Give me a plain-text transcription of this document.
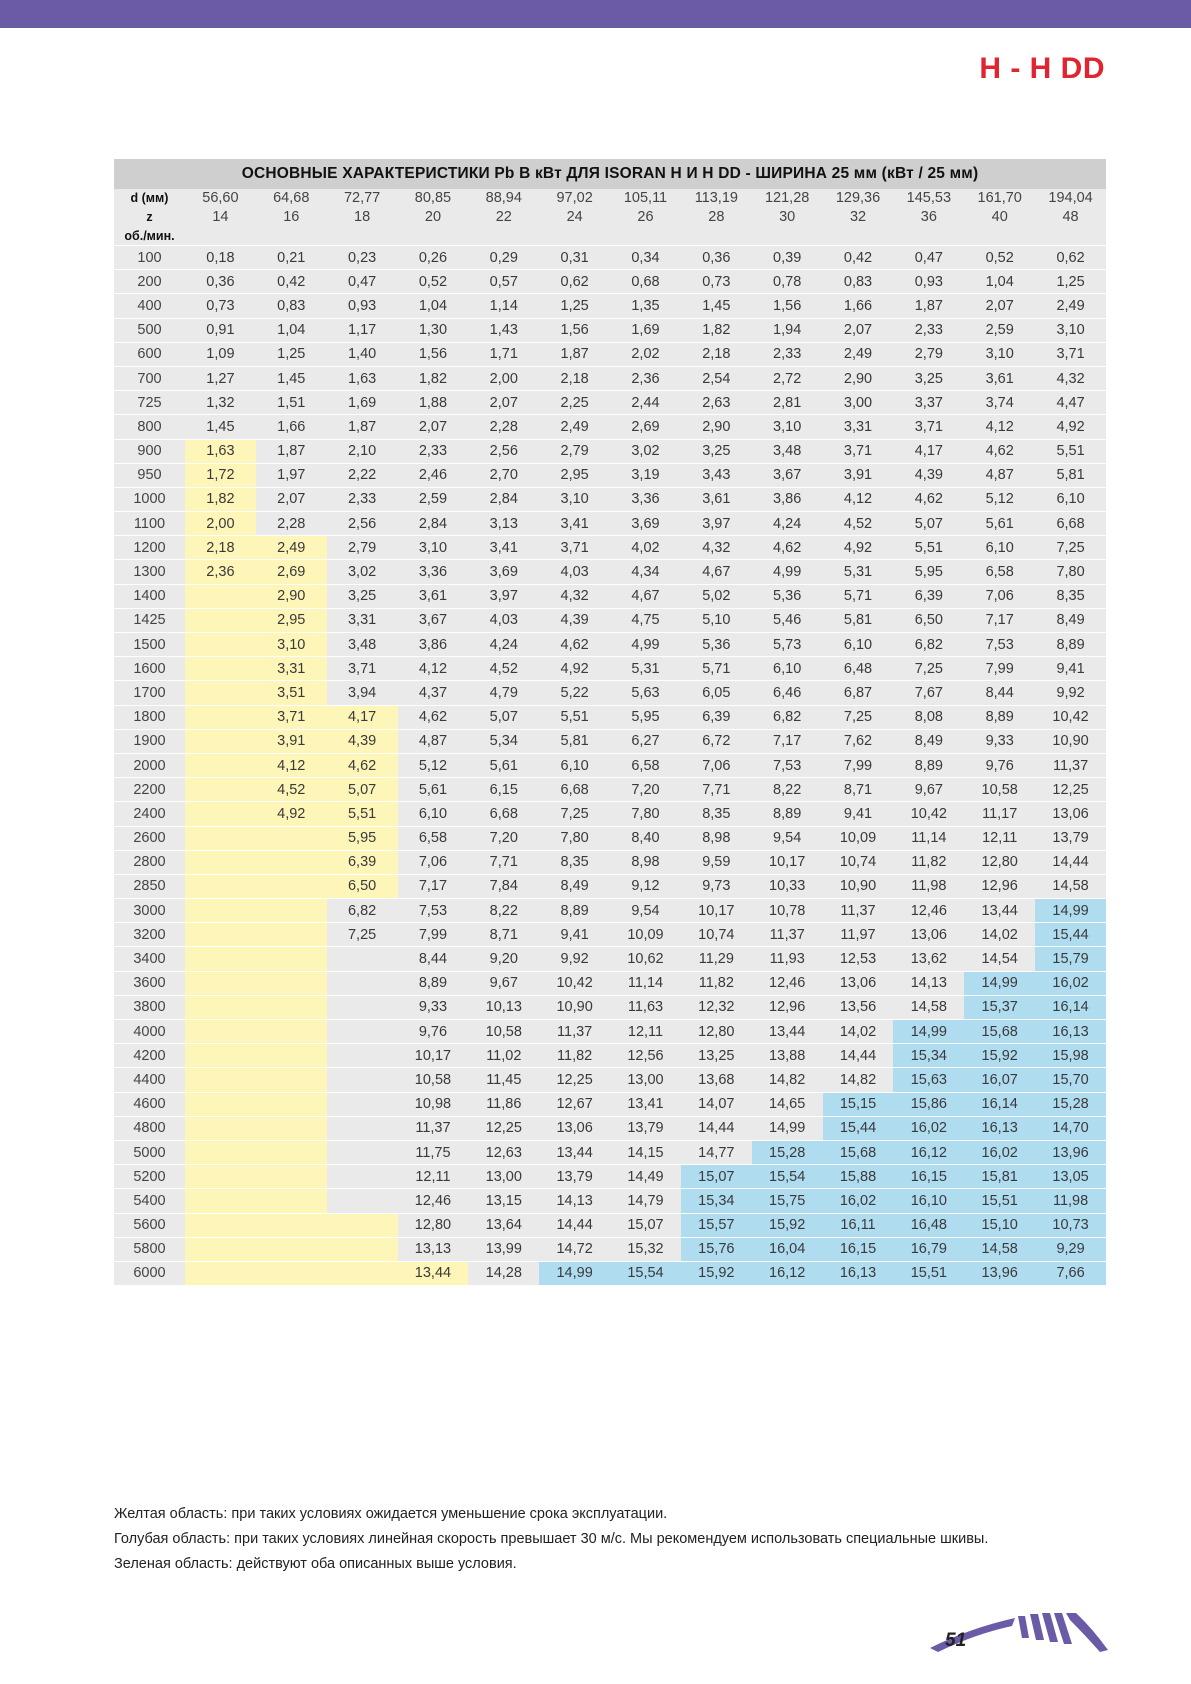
H - H DD
ОСНОВНЫЕ ХАРАКТЕРИСТИКИ Pb В кВт ДЛЯ ISORAN H И H DD - ШИРИНА 25 мм (кВт / 25 мм)													
d (мм)	56,60	64,68	72,77	80,85	88,94	97,02	105,11	113,19	121,28	129,36	145,53	161,70	194,04
z	14	16	18	20	22	24	26	28	30	32	36	40	48
об./мин.													

100	0,18	0,21	0,23	0,26	0,29	0,31	0,34	0,36	0,39	0,42	0,47	0,52	0,62

200	0,36	0,42	0,47	0,52	0,57	0,62	0,68	0,73	0,78	0,83	0,93	1,04	1,25

400	0,73	0,83	0,93	1,04	1,14	1,25	1,35	1,45	1,56	1,66	1,87	2,07	2,49

500	0,91	1,04	1,17	1,30	1,43	1,56	1,69	1,82	1,94	2,07	2,33	2,59	3,10

600	1,09	1,25	1,40	1,56	1,71	1,87	2,02	2,18	2,33	2,49	2,79	3,10	3,71

700	1,27	1,45	1,63	1,82	2,00	2,18	2,36	2,54	2,72	2,90	3,25	3,61	4,32

725	1,32	1,51	1,69	1,88	2,07	2,25	2,44	2,63	2,81	3,00	3,37	3,74	4,47

800	1,45	1,66	1,87	2,07	2,28	2,49	2,69	2,90	3,10	3,31	3,71	4,12	4,92

900	1,63	1,87	2,10	2,33	2,56	2,79	3,02	3,25	3,48	3,71	4,17	4,62	5,51

950	1,72	1,97	2,22	2,46	2,70	2,95	3,19	3,43	3,67	3,91	4,39	4,87	5,81

1000	1,82	2,07	2,33	2,59	2,84	3,10	3,36	3,61	3,86	4,12	4,62	5,12	6,10

1100	2,00	2,28	2,56	2,84	3,13	3,41	3,69	3,97	4,24	4,52	5,07	5,61	6,68

1200	2,18	2,49	2,79	3,10	3,41	3,71	4,02	4,32	4,62	4,92	5,51	6,10	7,25

1300	2,36	2,69	3,02	3,36	3,69	4,03	4,34	4,67	4,99	5,31	5,95	6,58	7,80

1400		2,90	3,25	3,61	3,97	4,32	4,67	5,02	5,36	5,71	6,39	7,06	8,35

1425		2,95	3,31	3,67	4,03	4,39	4,75	5,10	5,46	5,81	6,50	7,17	8,49

1500		3,10	3,48	3,86	4,24	4,62	4,99	5,36	5,73	6,10	6,82	7,53	8,89

1600		3,31	3,71	4,12	4,52	4,92	5,31	5,71	6,10	6,48	7,25	7,99	9,41

1700		3,51	3,94	4,37	4,79	5,22	5,63	6,05	6,46	6,87	7,67	8,44	9,92

1800		3,71	4,17	4,62	5,07	5,51	5,95	6,39	6,82	7,25	8,08	8,89	10,42

1900		3,91	4,39	4,87	5,34	5,81	6,27	6,72	7,17	7,62	8,49	9,33	10,90

2000		4,12	4,62	5,12	5,61	6,10	6,58	7,06	7,53	7,99	8,89	9,76	11,37

2200		4,52	5,07	5,61	6,15	6,68	7,20	7,71	8,22	8,71	9,67	10,58	12,25

2400		4,92	5,51	6,10	6,68	7,25	7,80	8,35	8,89	9,41	10,42	11,17	13,06

2600			5,95	6,58	7,20	7,80	8,40	8,98	9,54	10,09	11,14	12,11	13,79

2800			6,39	7,06	7,71	8,35	8,98	9,59	10,17	10,74	11,82	12,80	14,44

2850			6,50	7,17	7,84	8,49	9,12	9,73	10,33	10,90	11,98	12,96	14,58

3000			6,82	7,53	8,22	8,89	9,54	10,17	10,78	11,37	12,46	13,44	14,99

3200			7,25	7,99	8,71	9,41	10,09	10,74	11,37	11,97	13,06	14,02	15,44

3400				8,44	9,20	9,92	10,62	11,29	11,93	12,53	13,62	14,54	15,79

3600				8,89	9,67	10,42	11,14	11,82	12,46	13,06	14,13	14,99	16,02

3800				9,33	10,13	10,90	11,63	12,32	12,96	13,56	14,58	15,37	16,14

4000				9,76	10,58	11,37	12,11	12,80	13,44	14,02	14,99	15,68	16,13

4200				10,17	11,02	11,82	12,56	13,25	13,88	14,44	15,34	15,92	15,98

4400				10,58	11,45	12,25	13,00	13,68	14,82	14,82	15,63	16,07	15,70

4600				10,98	11,86	12,67	13,41	14,07	14,65	15,15	15,86	16,14	15,28

4800				11,37	12,25	13,06	13,79	14,44	14,99	15,44	16,02	16,13	14,70

5000				11,75	12,63	13,44	14,15	14,77	15,28	15,68	16,12	16,02	13,96

5200				12,11	13,00	13,79	14,49	15,07	15,54	15,88	16,15	15,81	13,05

5400				12,46	13,15	14,13	14,79	15,34	15,75	16,02	16,10	15,51	11,98

5600				12,80	13,64	14,44	15,07	15,57	15,92	16,11	16,48	15,10	10,73

5800				13,13	13,99	14,72	15,32	15,76	16,04	16,15	16,79	14,58	9,29

6000				13,44	14,28	14,99	15,54	15,92	16,12	16,13	15,51	13,96	7,66
Желтая область: при таких условиях ожидается уменьшение срока эксплуатации.
Голубая область: при таких условиях линейная скорость превышает 30 м/с. Мы рекомендуем использовать специальные шкивы.
Зеленая область: действуют оба описанных выше условия.
51
